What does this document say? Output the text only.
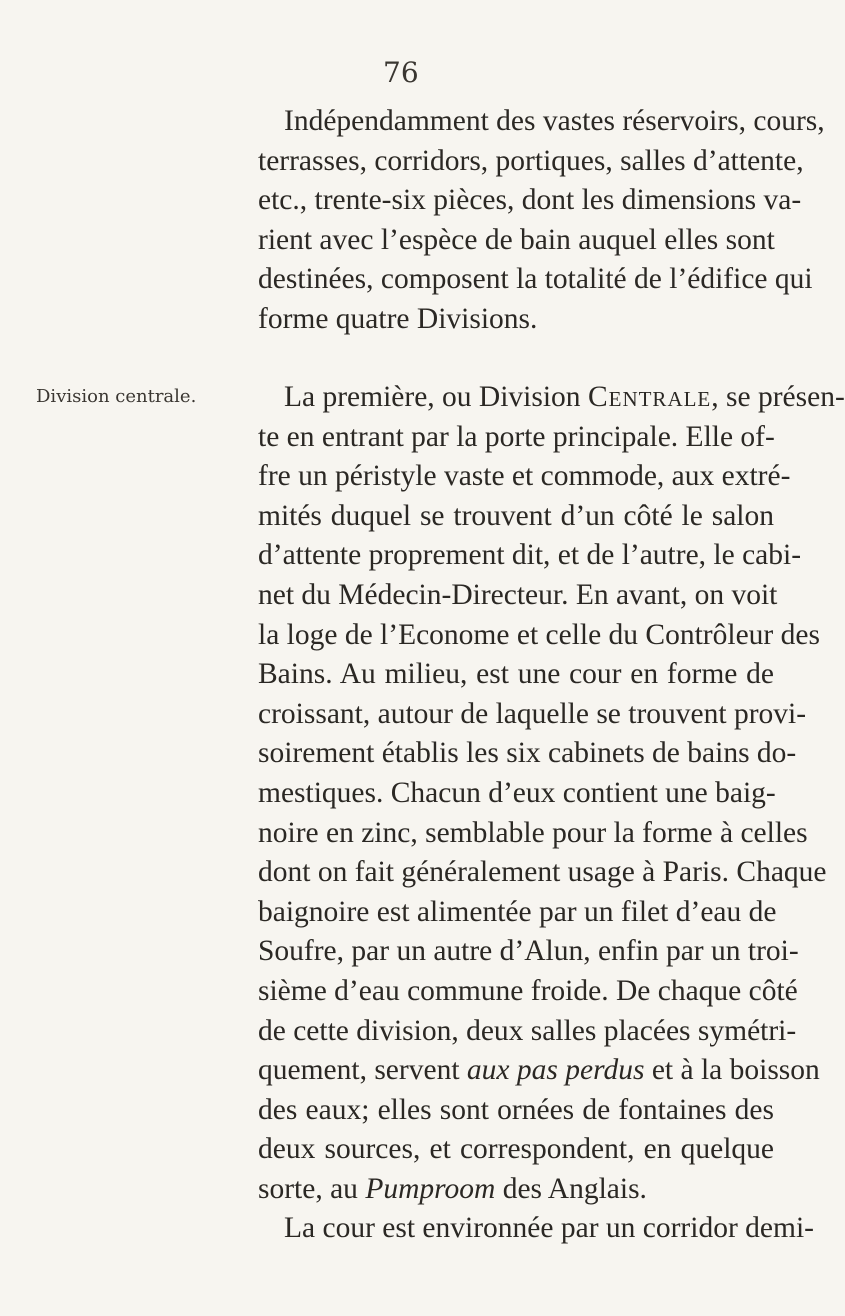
76
Division centrale.
Indépendamment des vastes réservoirs, cours,
terrasses, corridors, portiques, salles d’attente,
etc., trente-six pièces, dont les dimensions va-
rient avec l’espèce de bain auquel elles sont
destinées, composent la totalité de l’édifice qui
forme quatre Divisions.
La première, ou Division Centrale, se présen-
te en entrant par la porte principale. Elle of-
fre un péristyle vaste et commode, aux extré-
mités duquel se trouvent d’un côté le salon
d’attente proprement dit, et de l’autre, le cabi-
net du Médecin-Directeur. En avant, on voit
la loge de l’Econome et celle du Contrôleur des
Bains. Au milieu, est une cour en forme de
croissant, autour de laquelle se trouvent provi-
soirement établis les six cabinets de bains do-
mestiques. Chacun d’eux contient une baig-
noire en zinc, semblable pour la forme à celles
dont on fait généralement usage à Paris. Chaque
baignoire est alimentée par un filet d’eau de
Soufre, par un autre d’Alun, enfin par un troi-
sième d’eau commune froide. De chaque côté
de cette division, deux salles placées symétri-
quement, servent aux pas perdus et à la boisson
des eaux; elles sont ornées de fontaines des
deux sources, et correspondent, en quelque
sorte, au Pumproom des Anglais.
La cour est environnée par un corridor demi-
